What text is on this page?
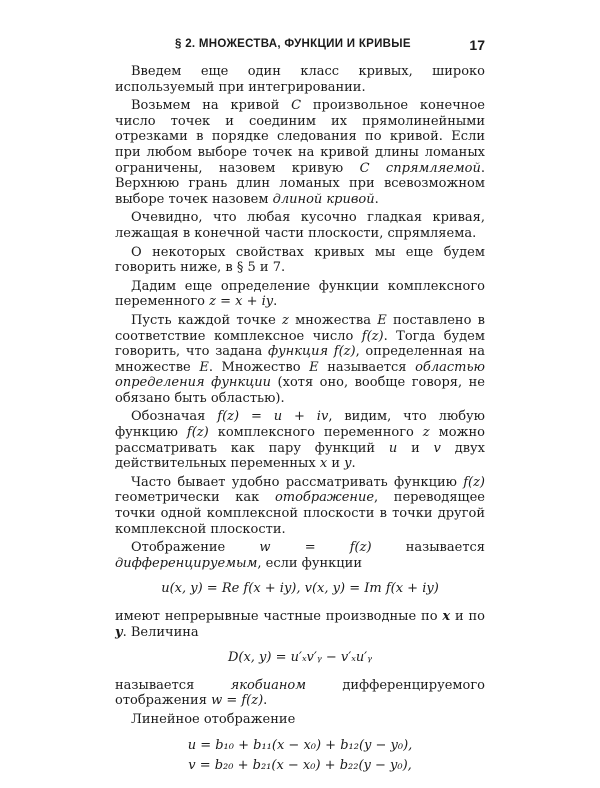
§ 2. МНОЖЕСТВА, ФУНКЦИИ И КРИВЫЕ	17

Введем еще один класс кривых, широко используемый при интегрировании.

Возьмем на кривой C произвольное конечное число точек и соединим их прямолинейными отрезками в порядке следования по кривой. Если при любом выборе точек на кривой длины ломаных ограничены, назовем кривую C спрямляемой. Верхнюю грань длин ломаных при всевозможном выборе точек назовем длиной кривой.

Очевидно, что любая кусочно гладкая кривая, лежащая в конечной части плоскости, спрямляема.

О некоторых свойствах кривых мы еще будем говорить ниже, в § 5 и 7.

Дадим еще определение функции комплексного переменного z = x + iy.

Пусть каждой точке z множества E поставлено в соответствие комплексное число f(z). Тогда будем говорить, что задана функция f(z), определенная на множестве E. Множество E называется областью определения функции (хотя оно, вообще говоря, не обязано быть областью).

Обозначая f(z) = u + iv, видим, что любую функцию f(z) комплексного переменного z можно рассматривать как пару функций u и v двух действительных переменных x и y.

Часто бывает удобно рассматривать функцию f(z) геометрически как отображение, переводящее точки одной комплексной плоскости в точки другой комплексной плоскости.

Отображение w = f(z) называется дифференцируемым, если функции

u(x, y) = Re f(x + iy), v(x, y) = Im f(x + iy)

имеют непрерывные частные производные по x и по y. Величина

D(x, y) = u′ₓv′ᵧ − v′ₓu′ᵧ

называется якобианом дифференцируемого отображения w = f(z).

Линейное отображение

u = b₁₀ + b₁₁(x − x₀) + b₁₂(y − y₀),
v = b₂₀ + b₂₁(x − x₀) + b₂₂(y − y₀),
